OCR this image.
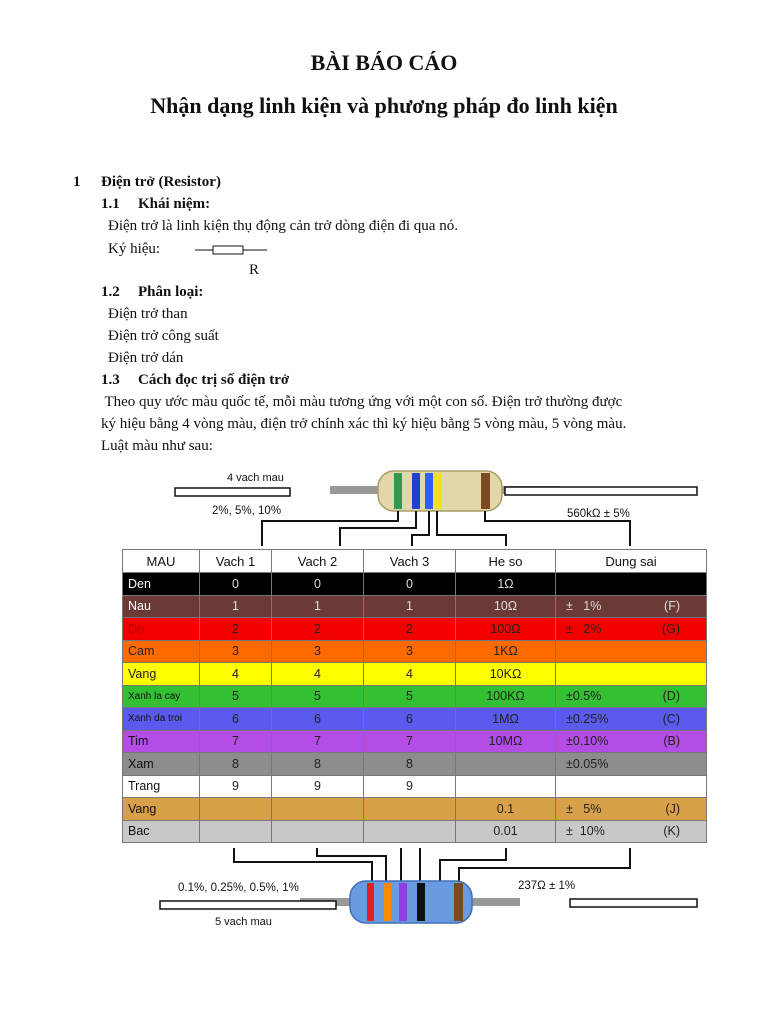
BÀI BÁO CÁO
Nhận dạng linh kiện và phương pháp đo linh kiện
1 Điện trở (Resistor)
1.1 Khái niệm:
Điện trở là linh kiện thụ động cản trở dòng điện đi qua nó.
Ký hiệu:
R
1.2 Phân loại:
Điện trở than
Điện trở công suất
Điện trở dán
1.3 Cách đọc trị số điện trở
Theo quy ước màu quốc tế, mỗi màu tương ứng với một con số. Điện trở thường được
ký hiệu bằng 4 vòng màu, điện trở chính xác thì ký hiệu bằng 5 vòng màu, 5 vòng màu.
Luật màu như sau:
4 vach mau
2%, 5%, 10%	560kΩ ± 5%
0.1%, 0.25%, 0.5%, 1%	237Ω ± 1%
5 vach mau
MAU	Vach 1	Vach 2	Vach 3	He so	Dung sai
Den	0	0	0	1Ω	

Nau	1	1	1	10Ω	±   1% (F)

Do	2	2	2	100Ω	±   2% (G)

Cam	3	3	3	1KΩ	

Vang	4	4	4	10KΩ	

Xanh la cay	5	5	5	100KΩ	±0.5% (D)

Xanh da troi	6	6	6	1MΩ	±0.25% (C)

Tim	7	7	7	10MΩ	±0.10% (B)

Xam	8	8	8		±0.05%

Trang	9	9	9		

Vang				0.1	±   5% (J)

Bac				0.01	±  10% (K)
